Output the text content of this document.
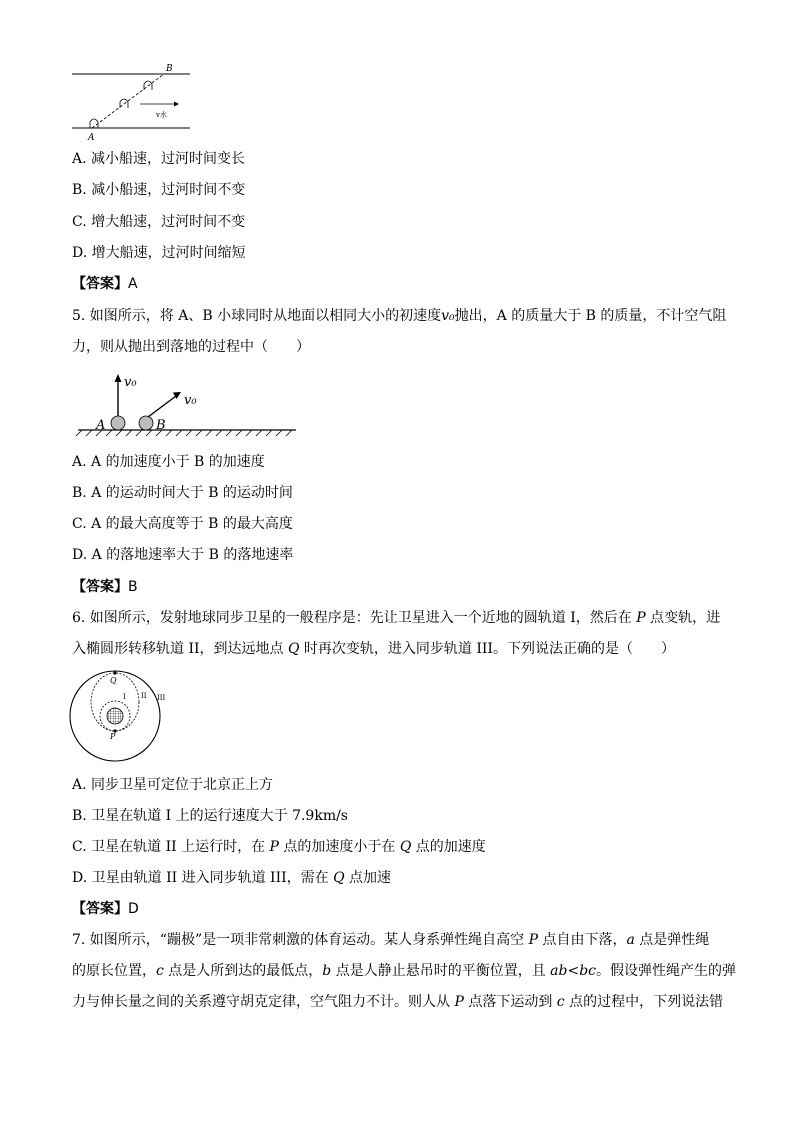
B
A
v水
A. 减小船速，过河时间变长
B. 减小船速，过河时间不变
C. 增大船速，过河时间不变
D. 增大船速，过河时间缩短
【答案】A
5. 如图所示，将 A、B 小球同时从地面以相同大小的初速度v₀抛出，A 的质量大于 B 的质量，不计空气阻
力，则从抛出到落地的过程中（　　）
v₀
v₀
A	B
A. A 的加速度小于 B 的加速度
B. A 的运动时间大于 B 的运动时间
C. A 的最大高度等于 B 的最大高度
D. A 的落地速率大于 B 的落地速率
【答案】B
6. 如图所示，发射地球同步卫星的一般程序是：先让卫星进入一个近地的圆轨道 I，然后在 P 点变轨，进
入椭圆形转移轨道 II，到达远地点 Q 时再次变轨，进入同步轨道 III。下列说法正确的是（　　）
Q
P
I II III
A. 同步卫星可定位于北京正上方
B. 卫星在轨道 I 上的运行速度大于 7.9km/s
C. 卫星在轨道 II 上运行时，在 P 点的加速度小于在 Q 点的加速度
D. 卫星由轨道 II 进入同步轨道 III，需在 Q 点加速
【答案】D
7. 如图所示，“蹦极”是一项非常刺激的体育运动。某人身系弹性绳自高空 P 点自由下落，a 点是弹性绳
的原长位置，c 点是人所到达的最低点，b 点是人静止悬吊时的平衡位置，且 ab<bc。假设弹性绳产生的弹
力与伸长量之间的关系遵守胡克定律，空气阻力不计。则人从 P 点落下运动到 c 点的过程中，下列说法错
